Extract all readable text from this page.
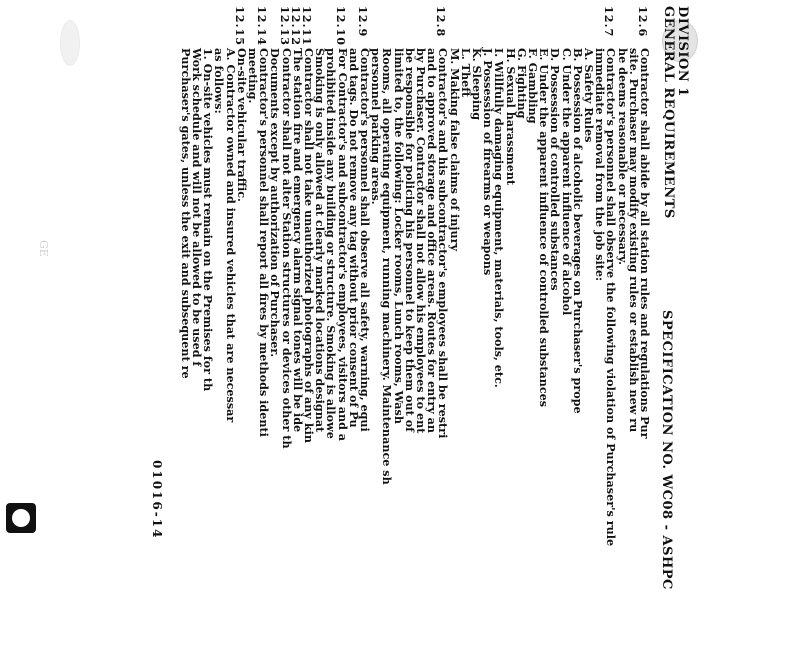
GE
SPECIFICATION NO. WC08 - ASHPC
DIVISION 1
GENERAL REQUIREMENTS
12.6
Contractor shall abide by all station rules and regulations Pur
site. Purchaser may modify existing rules or establish new ru
he deems reasonable or necessary.
12.7
Contractor's personnel shall observe the following violation of Purchaser's rule
immediate removal from the job site:
A. Safety Rules
B. Possession of alcoholic beverages on Purchaser's prope
C. Under the apparent influence of alcohol
D. Possession of controlled substances
E. Under the apparent influence of controlled substances
F. Gambling
G. Fighting
H. Sexual harassment
I. Willfully damaging equipment, materials, tools, etc.
J. Possession of firearms or weapons
K. Sleeping
L. Theft
M. Making false claims of injury
12.8
Contractor's and his subcontractor's employees shall be restri
and to approved storage and office areas. Routes for entry an
by Purchaser. Contractor shall not allow his employees to ent
be responsible for policing his personnel to keep them out of
limited to, the following: Locker rooms, Lunch rooms, Wash
Rooms, all operating equipment, running machinery. Maintenance sh
personnel parking areas.
12.9
Contractor's personnel shall observe all safety, warning, equi
and tags. Do not remove any tag without prior consent of Pu
12.10
For Contractor's and subcontractor's employees, visitors and a
prohibited inside any building or structure. Smoking is allowe
Smoking is only allowed at clearly marked locations designat
12.11
Contractor shall not take unauthorized photographs of any kin
12.12
The station fire and emergency alarm signal tones will be ide
12.13
Contractor shall not alter Station structures or devices other th
Documents except by authorization of Purchaser.
12.14
Contractor's personnel shall report all fires by methods identi
meeting.
12.15
On-site vehicular traffic.
A. Contractor owned and insured vehicles that are necessar
as follows:
1. On-site vehicles must remain on the Premises for th
Work schedule and will not be allowed to be used f
Purchaser's gates, unless the exit and subsequent re
01016-14
